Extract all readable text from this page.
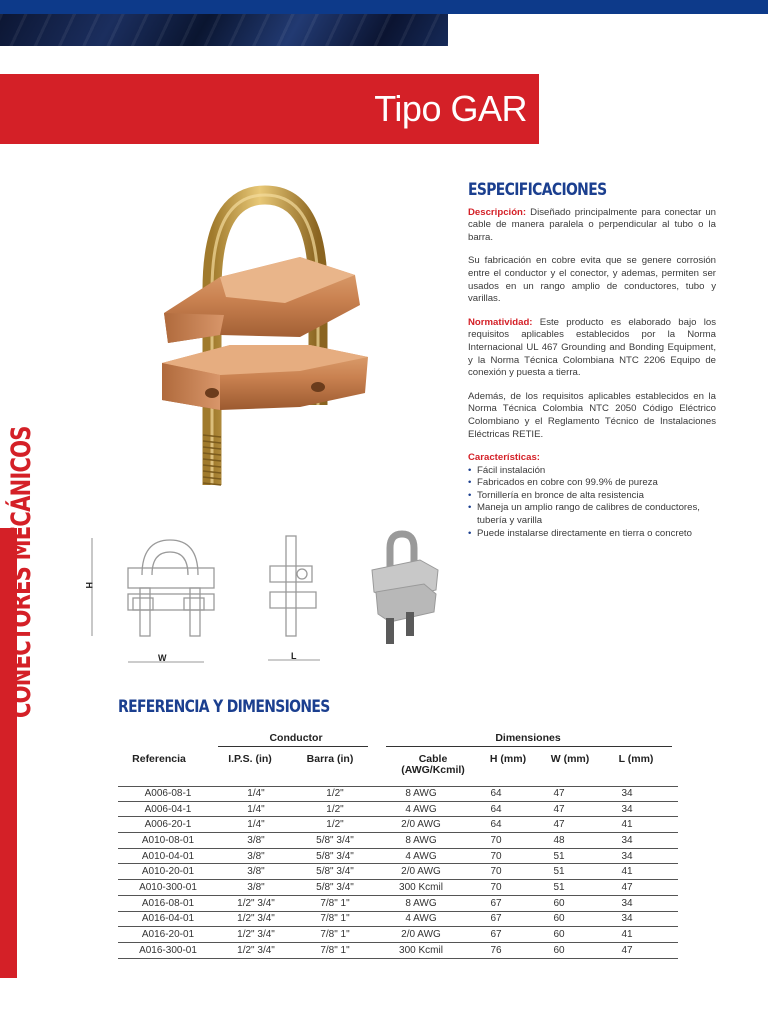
Tipo GAR
CONECTORES MECÁNICOS
ESPECIFICACIONES

Descripción: Diseñado principalmente para conectar un cable de manera paralela o perpendicular al tubo o la barra.

Su fabricación en cobre evita que se genere corrosión entre el conductor y el conector, y ademas, permiten ser usados en un rango amplio de conductores, tubo y varillas.

Normatividad: Este producto es elaborado bajo los requisitos aplicables establecidos por la Norma Internacional UL 467 Grounding and Bonding Equipment, y la Norma Técnica Colombiana NTC 2206 Equipo de conexión y puesta a tierra.

Además, de los requisitos aplicables establecidos en la Norma Técnica Colombia NTC 2050 Código Eléctrico Colombiano y el Reglamento Técnico de Instalaciones Eléctricas RETIE.

Características:
• Fácil instalación
• Fabricados en cobre con 99.9% de pureza
• Tornillería en bronce de alta resistencia
• Maneja un amplio rango de calibres de conductores, tubería y varilla
• Puede instalarse directamente en tierra o concreto
H
W	L
REFERENCIA Y DIMENSIONES
Conductor	Dimensiones
Referencia	I.P.S. (in)	Barra (in)	Cable
(AWG/Kcmil)
H (mm)	W (mm)	L (mm)
A006-08-1	1/4"	1/2"	8 AWG	64	47	34
A006-04-1	1/4"	1/2"	4 AWG	64	47	34
A006-20-1	1/4"	1/2"	2/0 AWG	64	47	41
A010-08-01	3/8"	5/8" 3/4"	8 AWG	70	48	34
A010-04-01	3/8"	5/8" 3/4"	4 AWG	70	51	34
A010-20-01	3/8"	5/8" 3/4"	2/0 AWG	70	51	41
A010-300-01	3/8"	5/8" 3/4"	300 Kcmil	70	51	47
A016-08-01	1/2" 3/4"	7/8" 1"	8 AWG	67	60	34
A016-04-01	1/2" 3/4"	7/8" 1"	4 AWG	67	60	34
A016-20-01	1/2" 3/4"	7/8" 1"	2/0 AWG	67	60	41
A016-300-01	1/2" 3/4"	7/8" 1"	300 Kcmil	76	60	47
